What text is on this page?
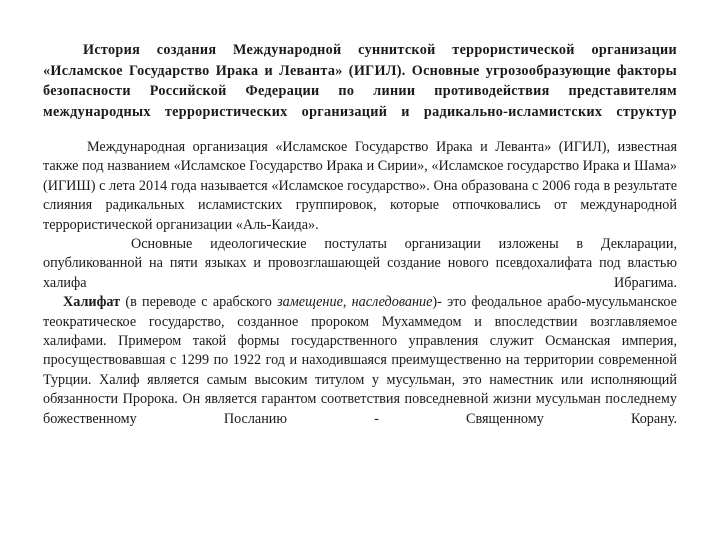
История создания Международной суннитской террористической организации «Исламское Государство Ирака и Леванта» (ИГИЛ). Основные угрозообразующие факторы безопасности Российской Федерации по линии противодействия представителям международных террористических организаций и радикально-исламистских структур

Международная организация «Исламское Государство Ирака и Леванта» (ИГИЛ), известная также под названием «Исламское Государство Ирака и Сирии», «Исламское государство Ирака и Шама» (ИГИШ) с лета 2014 года называется «Исламское государство». Она образована с 2006 года в результате слияния радикальных исламистских группировок, которые отпочковались от международной террористической организации «Аль-Каида».
Основные идеологические постулаты организации изложены в Декларации, опубликованной на пяти языках и провозглашающей создание нового псевдохалифата под властью халифа Ибрагима.
Халифат (в переводе с арабского замещение, наследование)- это феодальное арабо-мусульманское теократическое государство, созданное пророком Мухаммедом и впоследствии возглавляемое халифами. Примером такой формы государственного управления служит Османская империя, просуществовавшая с 1299 по 1922 год и находившаяся преимущественно на территории современной Турции. Халиф является самым высоким титулом у мусульман, это наместник или исполняющий обязанности Пророка. Он является гарантом соответствия повседневной жизни мусульман последнему божественному Посланию - Священному Корану.
